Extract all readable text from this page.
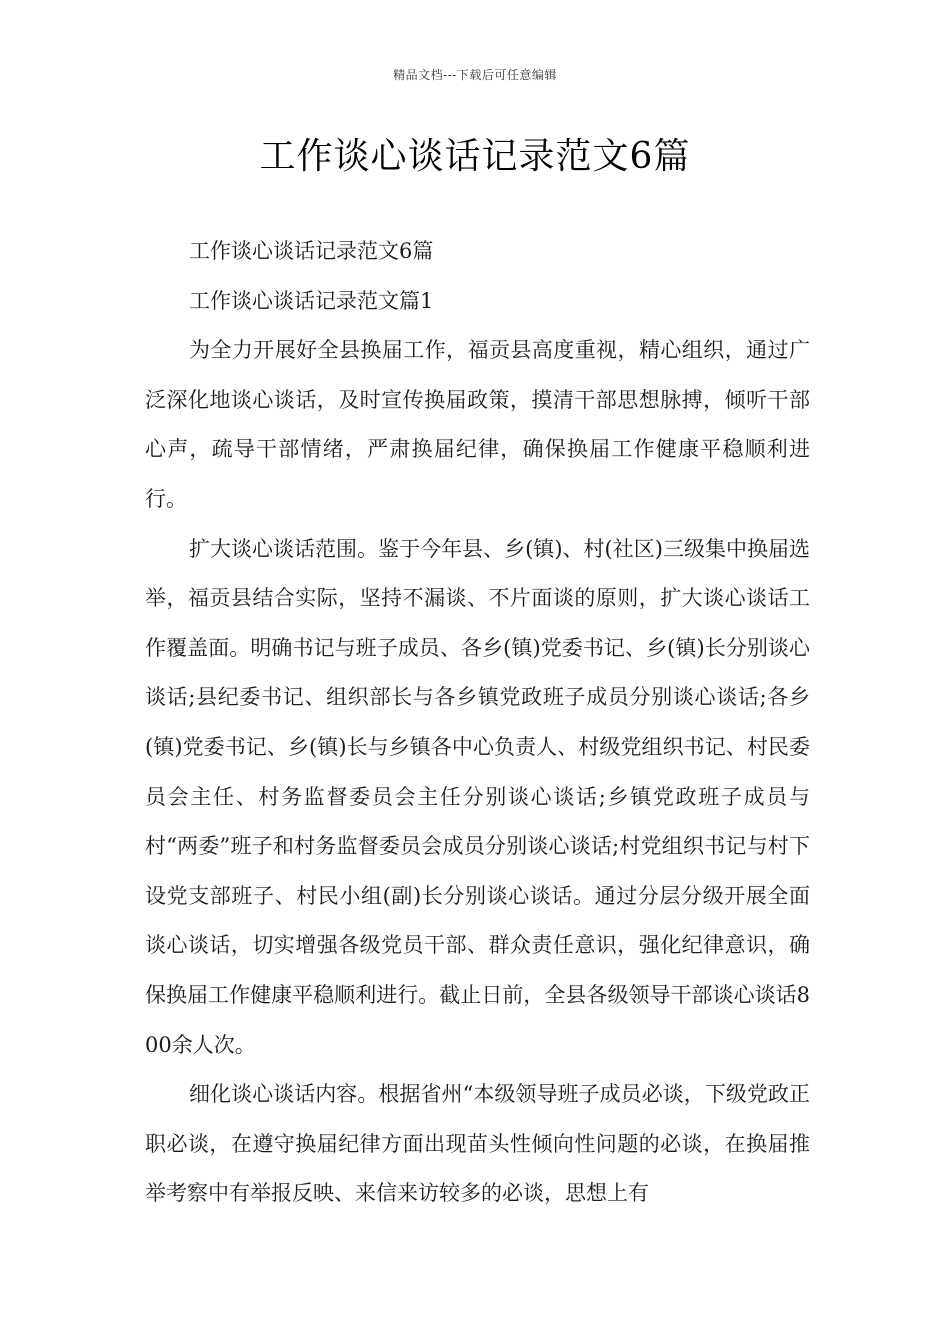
精品文档---下载后可任意编辑
工作谈心谈话记录范文6篇

工作谈心谈话记录范文6篇

工作谈心谈话记录范文篇1

为全力开展好全县换届工作，福贡县高度重视，精心组织，通过广泛深化地谈心谈话，及时宣传换届政策，摸清干部思想脉搏，倾听干部心声，疏导干部情绪，严肃换届纪律，确保换届工作健康平稳顺利进行。

扩大谈心谈话范围。鉴于今年县、乡(镇)、村(社区)三级集中换届选举，福贡县结合实际，坚持不漏谈、不片面谈的原则，扩大谈心谈话工作覆盖面。明确书记与班子成员、各乡(镇)党委书记、乡(镇)长分别谈心谈话;县纪委书记、组织部长与各乡镇党政班子成员分别谈心谈话;各乡(镇)党委书记、乡(镇)长与乡镇各中心负责人、村级党组织书记、村民委员会主任、村务监督委员会主任分别谈心谈话;乡镇党政班子成员与村“两委”班子和村务监督委员会成员分别谈心谈话;村党组织书记与村下设党支部班子、村民小组(副)长分别谈心谈话。通过分层分级开展全面谈心谈话，切实增强各级党员干部、群众责任意识，强化纪律意识，确保换届工作健康平稳顺利进行。截止日前，全县各级领导干部谈心谈话800余人次。

细化谈心谈话内容。根据省州“本级领导班子成员必谈，下级党政正职必谈，在遵守换届纪律方面出现苗头性倾向性问题的必谈，在换届推举考察中有举报反映、来信来访较多的必谈，思想上有
